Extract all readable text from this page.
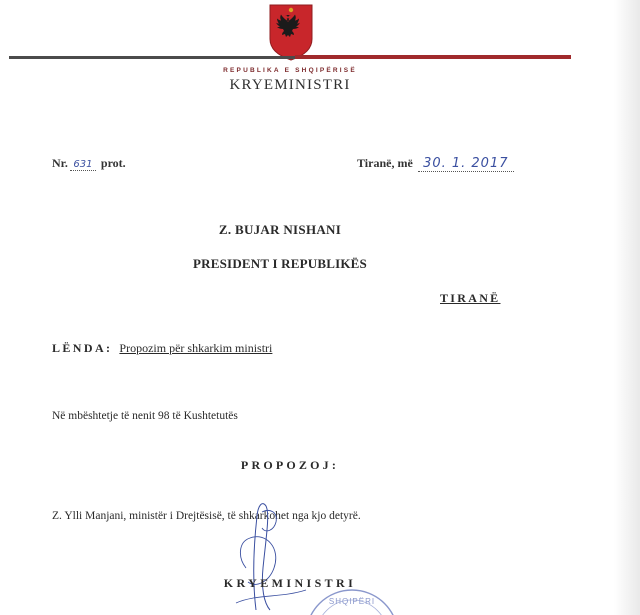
REPUBLIKA E SHQIPËRISË
KRYEMINISTRI
Nr. 631 prot.	Tiranë, më 30. 1. 2017
Z. BUJAR NISHANI
PRESIDENT I REPUBLIKËS
TIRANË
LËNDA: Propozim për shkarkim ministri
Në mbështetje të nenit 98 të Kushtetutës
PROPOZOJ:
Z. Ylli Manjani, ministër i Drejtësisë, të shkarkohet nga kjo detyrë.
KRYEMINISTRI
SHQIPËRI
